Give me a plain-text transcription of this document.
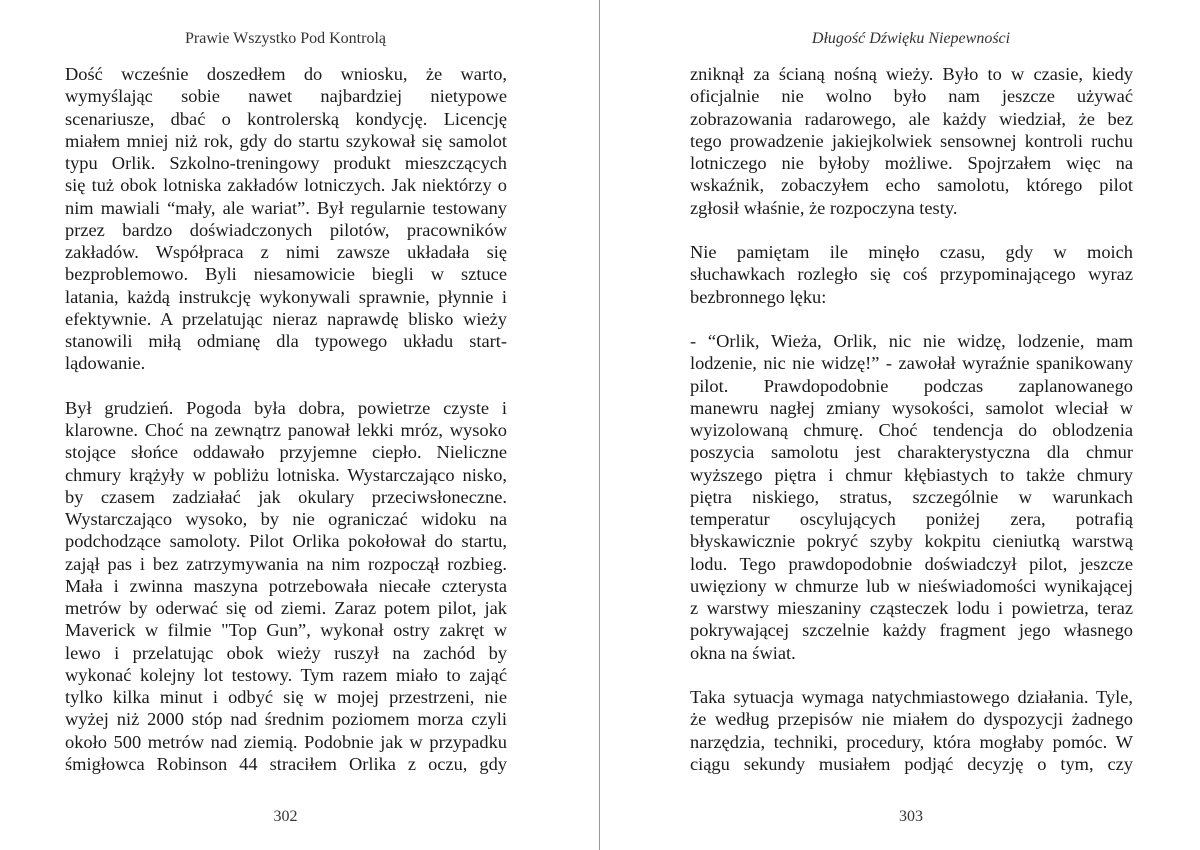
Prawie Wszystko Pod Kontrolą
Dość wcześnie doszedłem do wniosku, że warto,
wymyślając sobie nawet najbardziej nietypowe
scenariusze, dbać o kontrolerską kondycję. Licencję
miałem mniej niż rok, gdy do startu szykował się samolot
typu Orlik. Szkolno-treningowy produkt mieszczących
się tuż obok lotniska zakładów lotniczych. Jak niektórzy o
nim mawiali “mały, ale wariat”. Był regularnie testowany
przez bardzo doświadczonych pilotów, pracowników
zakładów. Współpraca z nimi zawsze układała się
bezproblemowo. Byli niesamowicie biegli w sztuce
latania, każdą instrukcję wykonywali sprawnie, płynnie i
efektywnie. A przelatując nieraz naprawdę blisko wieży
stanowili miłą odmianę dla typowego układu start-
lądowanie.
Był grudzień. Pogoda była dobra, powietrze czyste i
klarowne. Choć na zewnątrz panował lekki mróz, wysoko
stojące słońce oddawało przyjemne ciepło. Nieliczne
chmury krążyły w pobliżu lotniska. Wystarczająco nisko,
by czasem zadziałać jak okulary przeciwsłoneczne.
Wystarczająco wysoko, by nie ograniczać widoku na
podchodzące samoloty. Pilot Orlika pokołował do startu,
zajął pas i bez zatrzymywania na nim rozpoczął rozbieg.
Mała i zwinna maszyna potrzebowała niecałe czterysta
metrów by oderwać się od ziemi. Zaraz potem pilot, jak
Maverick w filmie "Top Gun”, wykonał ostry zakręt w
lewo i przelatując obok wieży ruszył na zachód by
wykonać kolejny lot testowy. Tym razem miało to zająć
tylko kilka minut i odbyć się w mojej przestrzeni, nie
wyżej niż 2000 stóp nad średnim poziomem morza czyli
około 500 metrów nad ziemią. Podobnie jak w przypadku
śmigłowca Robinson 44 straciłem Orlika z oczu, gdy
302
Długość Dźwięku Niepewności
zniknął za ścianą nośną wieży. Było to w czasie, kiedy
oficjalnie nie wolno było nam jeszcze używać
zobrazowania radarowego, ale każdy wiedział, że bez
tego prowadzenie jakiejkolwiek sensownej kontroli ruchu
lotniczego nie byłoby możliwe. Spojrzałem więc na
wskaźnik, zobaczyłem echo samolotu, którego pilot
zgłosił właśnie, że rozpoczyna testy.
Nie pamiętam ile minęło czasu, gdy w moich
słuchawkach rozległo się coś przypominającego wyraz
bezbronnego lęku:
- “Orlik, Wieża, Orlik, nic nie widzę, lodzenie, mam
lodzenie, nic nie widzę!” - zawołał wyraźnie spanikowany
pilot. Prawdopodobnie podczas zaplanowanego
manewru nagłej zmiany wysokości, samolot wleciał w
wyizolowaną chmurę. Choć tendencja do oblodzenia
poszycia samolotu jest charakterystyczna dla chmur
wyższego piętra i chmur kłębiastych to także chmury
piętra niskiego, stratus, szczególnie w warunkach
temperatur oscylujących poniżej zera, potrafią
błyskawicznie pokryć szyby kokpitu cieniutką warstwą
lodu. Tego prawdopodobnie doświadczył pilot, jeszcze
uwięziony w chmurze lub w nieświadomości wynikającej
z warstwy mieszaniny cząsteczek lodu i powietrza, teraz
pokrywającej szczelnie każdy fragment jego własnego
okna na świat.
Taka sytuacja wymaga natychmiastowego działania. Tyle,
że według przepisów nie miałem do dyspozycji żadnego
narzędzia, techniki, procedury, która mogłaby pomóc. W
ciągu sekundy musiałem podjąć decyzję o tym, czy
303
